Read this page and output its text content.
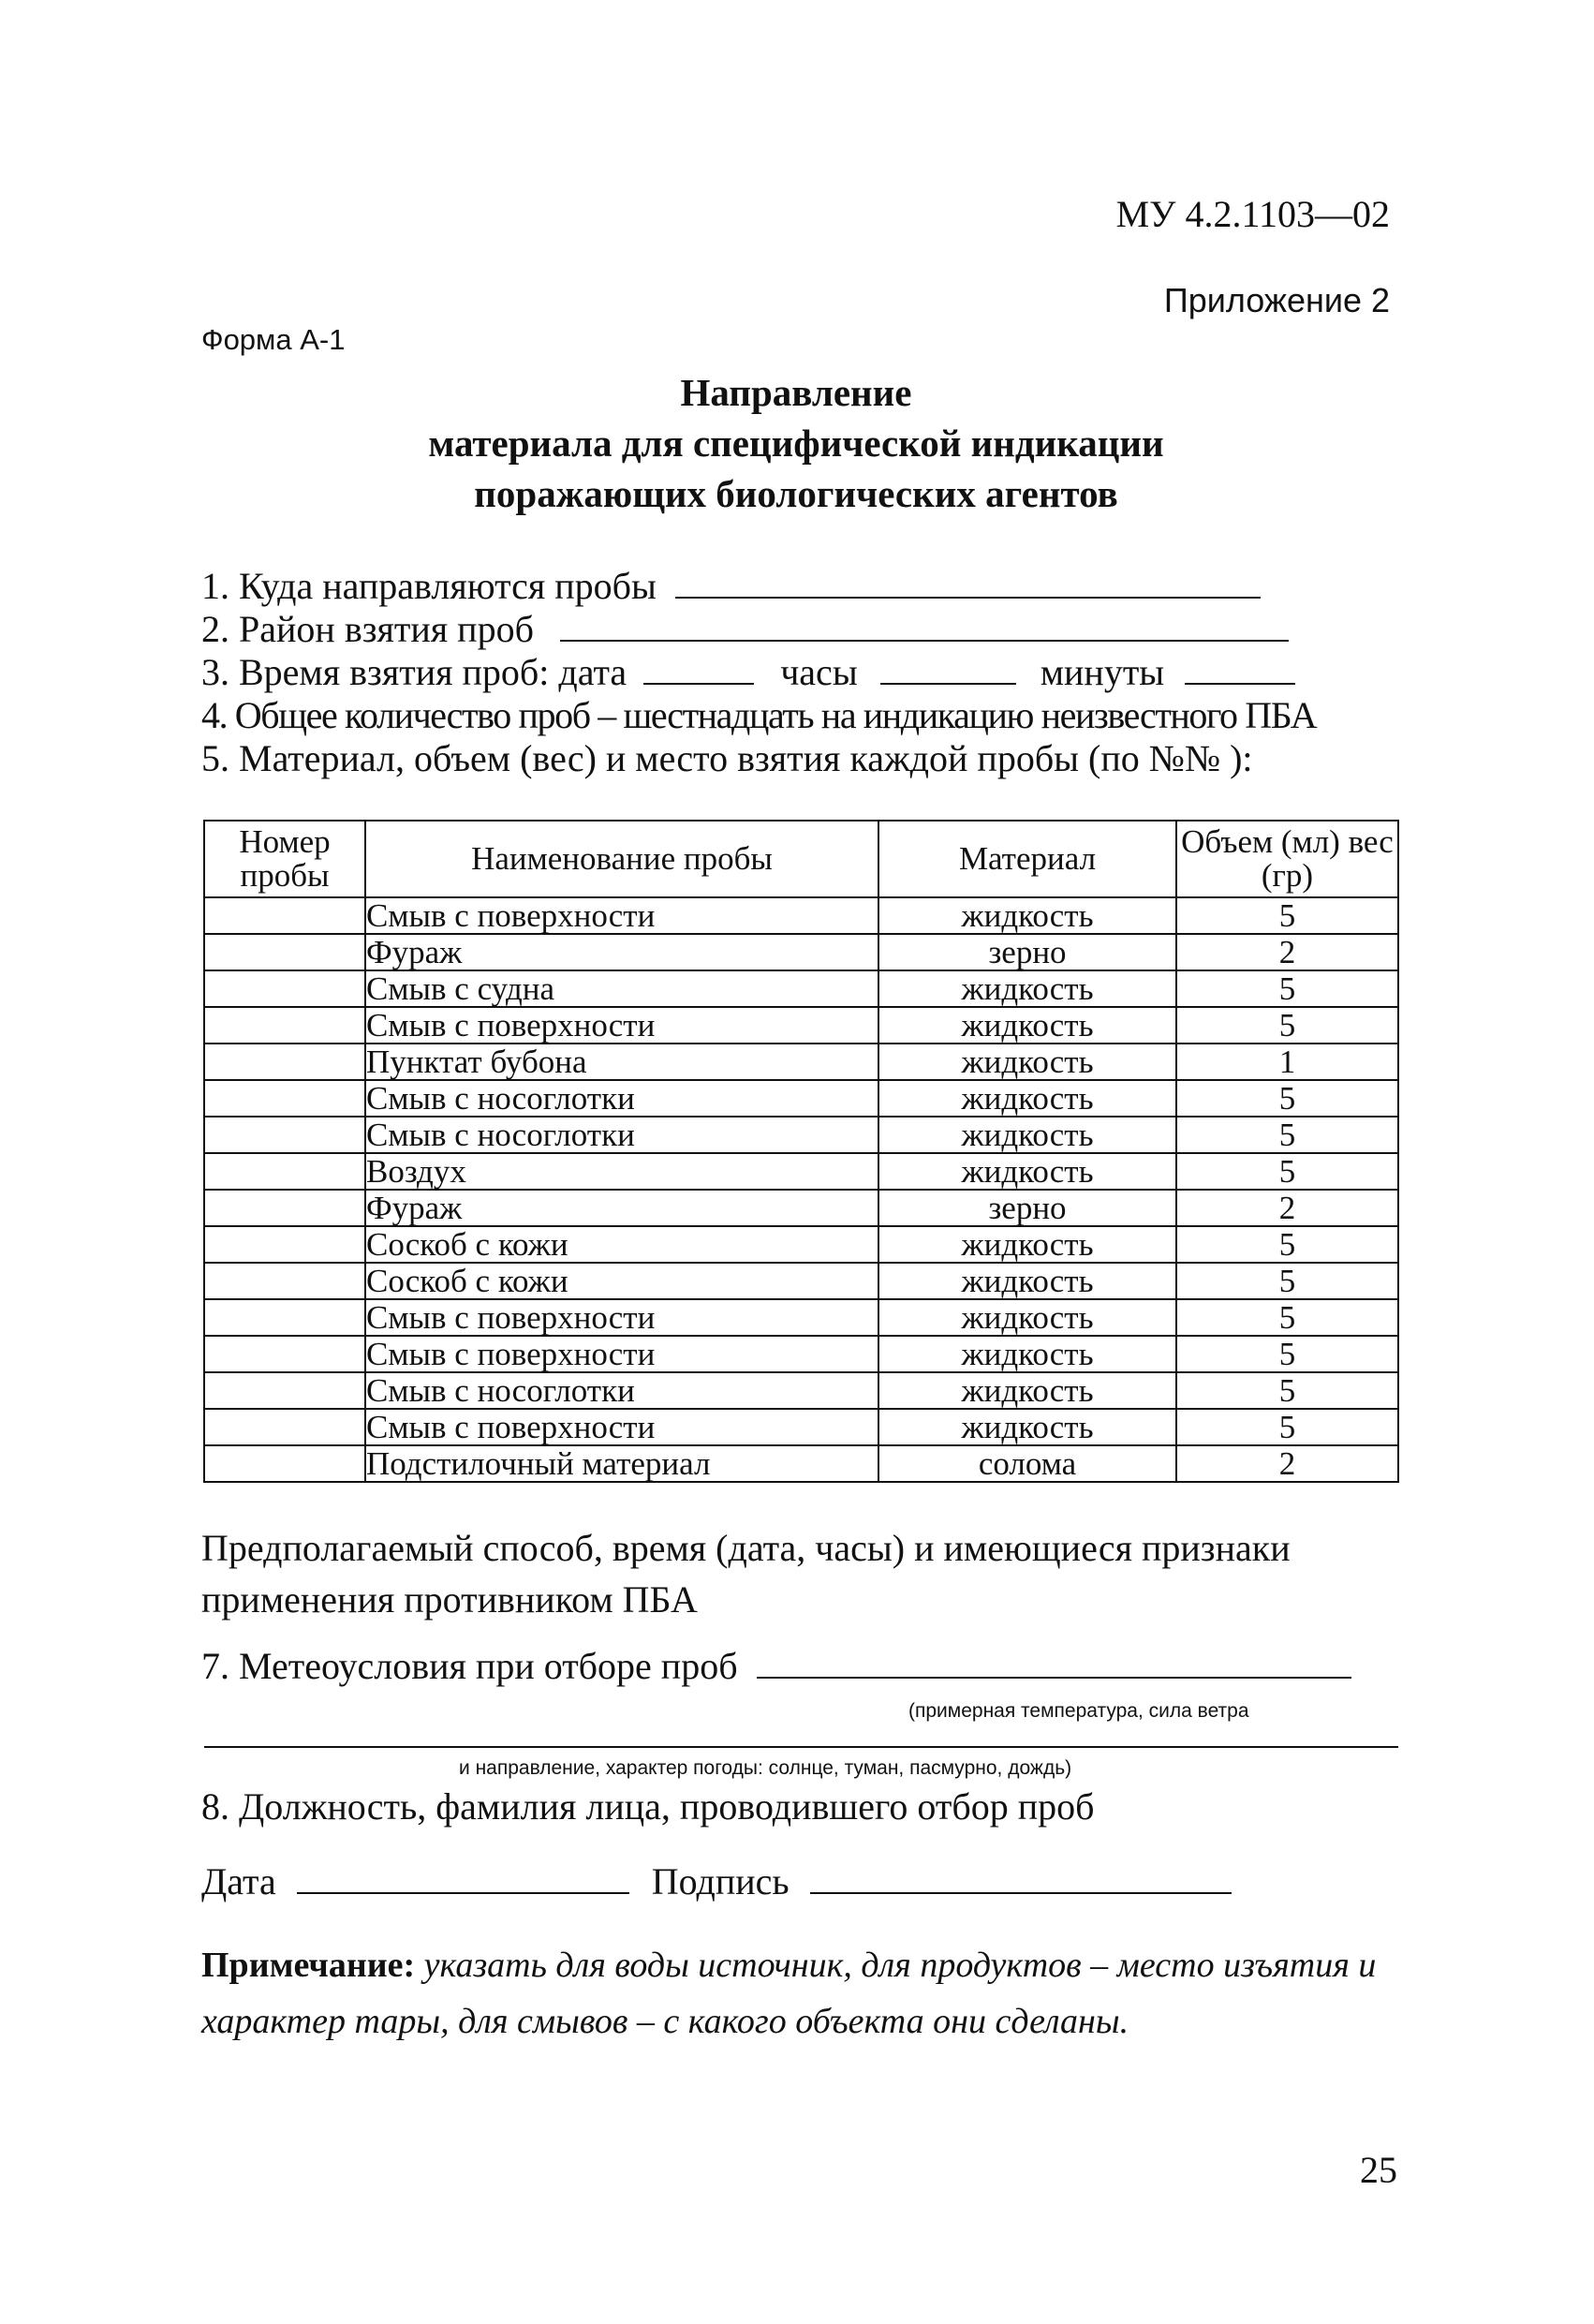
МУ 4.2.1103—02
Приложение 2
Форма А-1
Направление
материала для специфической индикации
поражающих биологических агентов
1. Куда направляются пробы
2. Район взятия проб
3. Время взятия проб: дата	часы	минуты
4. Общее количество проб – шестнадцать на индикацию неизвестного ПБА
5. Материал, объем (вес) и место взятия каждой пробы (по №№ ):
Номер пробы	Наименование пробы	Материал	Объем (мл) вес (гр)
	Смыв с поверхности	жидкость	5
	Фураж	зерно	2
	Смыв с судна	жидкость	5
	Смыв с поверхности	жидкость	5
	Пунктат бубона	жидкость	1
	Смыв с носоглотки	жидкость	5
	Смыв с носоглотки	жидкость	5
	Воздух	жидкость	5
	Фураж	зерно	2
	Соскоб с кожи	жидкость	5
	Соскоб с кожи	жидкость	5
	Смыв с поверхности	жидкость	5
	Смыв с поверхности	жидкость	5
	Смыв с носоглотки	жидкость	5
	Смыв с поверхности	жидкость	5
	Подстилочный материал	солома	2
Предполагаемый способ, время (дата, часы) и имеющиеся признаки применения противником ПБА
7. Метеоусловия при отборе проб
(примерная температура, сила ветра
и направление, характер погоды: солнце, туман, пасмурно, дождь)
8. Должность, фамилия лица, проводившего отбор проб
Дата	Подпись
Примечание: указать для воды источник, для продуктов – место изъятия и характер тары, для смывов – с какого объекта они сделаны.
25
